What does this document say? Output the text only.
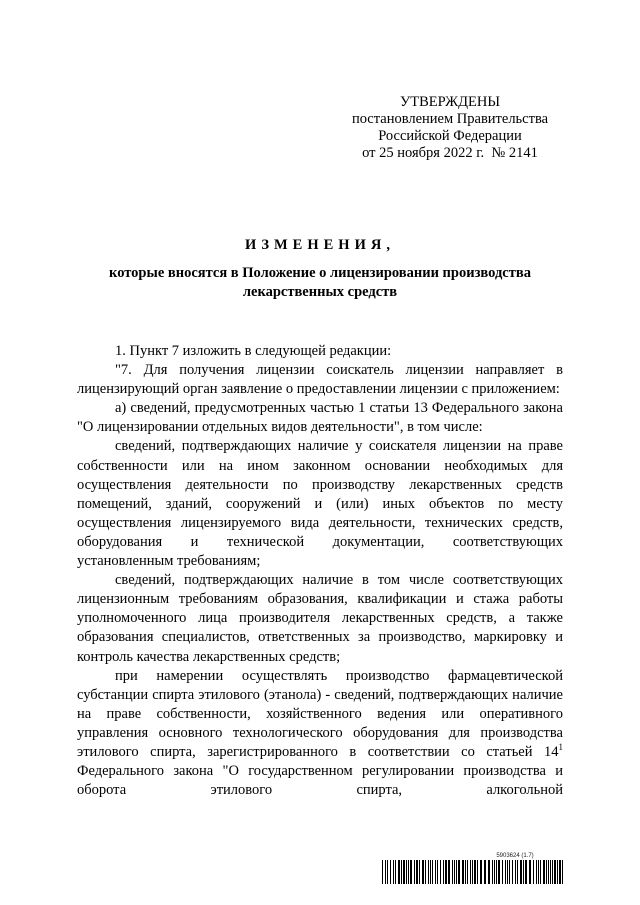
УТВЕРЖДЕНЫ
постановлением Правительства
Российской Федерации
от 25 ноября 2022 г.  № 2141
ИЗМЕНЕНИЯ,
которые вносятся в Положение о лицензировании производства лекарственных средств

1. Пункт 7 изложить в следующей редакции:

"7. Для получения лицензии соискатель лицензии направляет в лицензирующий орган заявление о предоставлении лицензии с приложением:

а) сведений, предусмотренных частью 1 статьи 13 Федерального закона "О лицензировании отдельных видов деятельности", в том числе:

сведений, подтверждающих наличие у соискателя лицензии на праве собственности или на ином законном основании необходимых для осуществления деятельности по производству лекарственных средств помещений, зданий, сооружений и (или) иных объектов по месту осуществления лицензируемого вида деятельности, технических средств, оборудования и технической документации, соответствующих установленным требованиям;

сведений, подтверждающих наличие в том числе соответствующих лицензионным требованиям образования, квалификации и стажа работы уполномоченного лица производителя лекарственных средств, а также образования специалистов, ответственных за производство, маркировку и контроль качества лекарственных средств;

при намерении осуществлять производство фармацевтической субстанции спирта этилового (этанола) - сведений, подтверждающих наличие на праве собственности, хозяйственного ведения или оперативного управления основного технологического оборудования для производства этилового спирта, зарегистрированного в соответствии со статьей $14^1$ Федерального закона "О государственном регулировании производства и оборота этилового спирта, алкогольной

5903624 (1.7)
